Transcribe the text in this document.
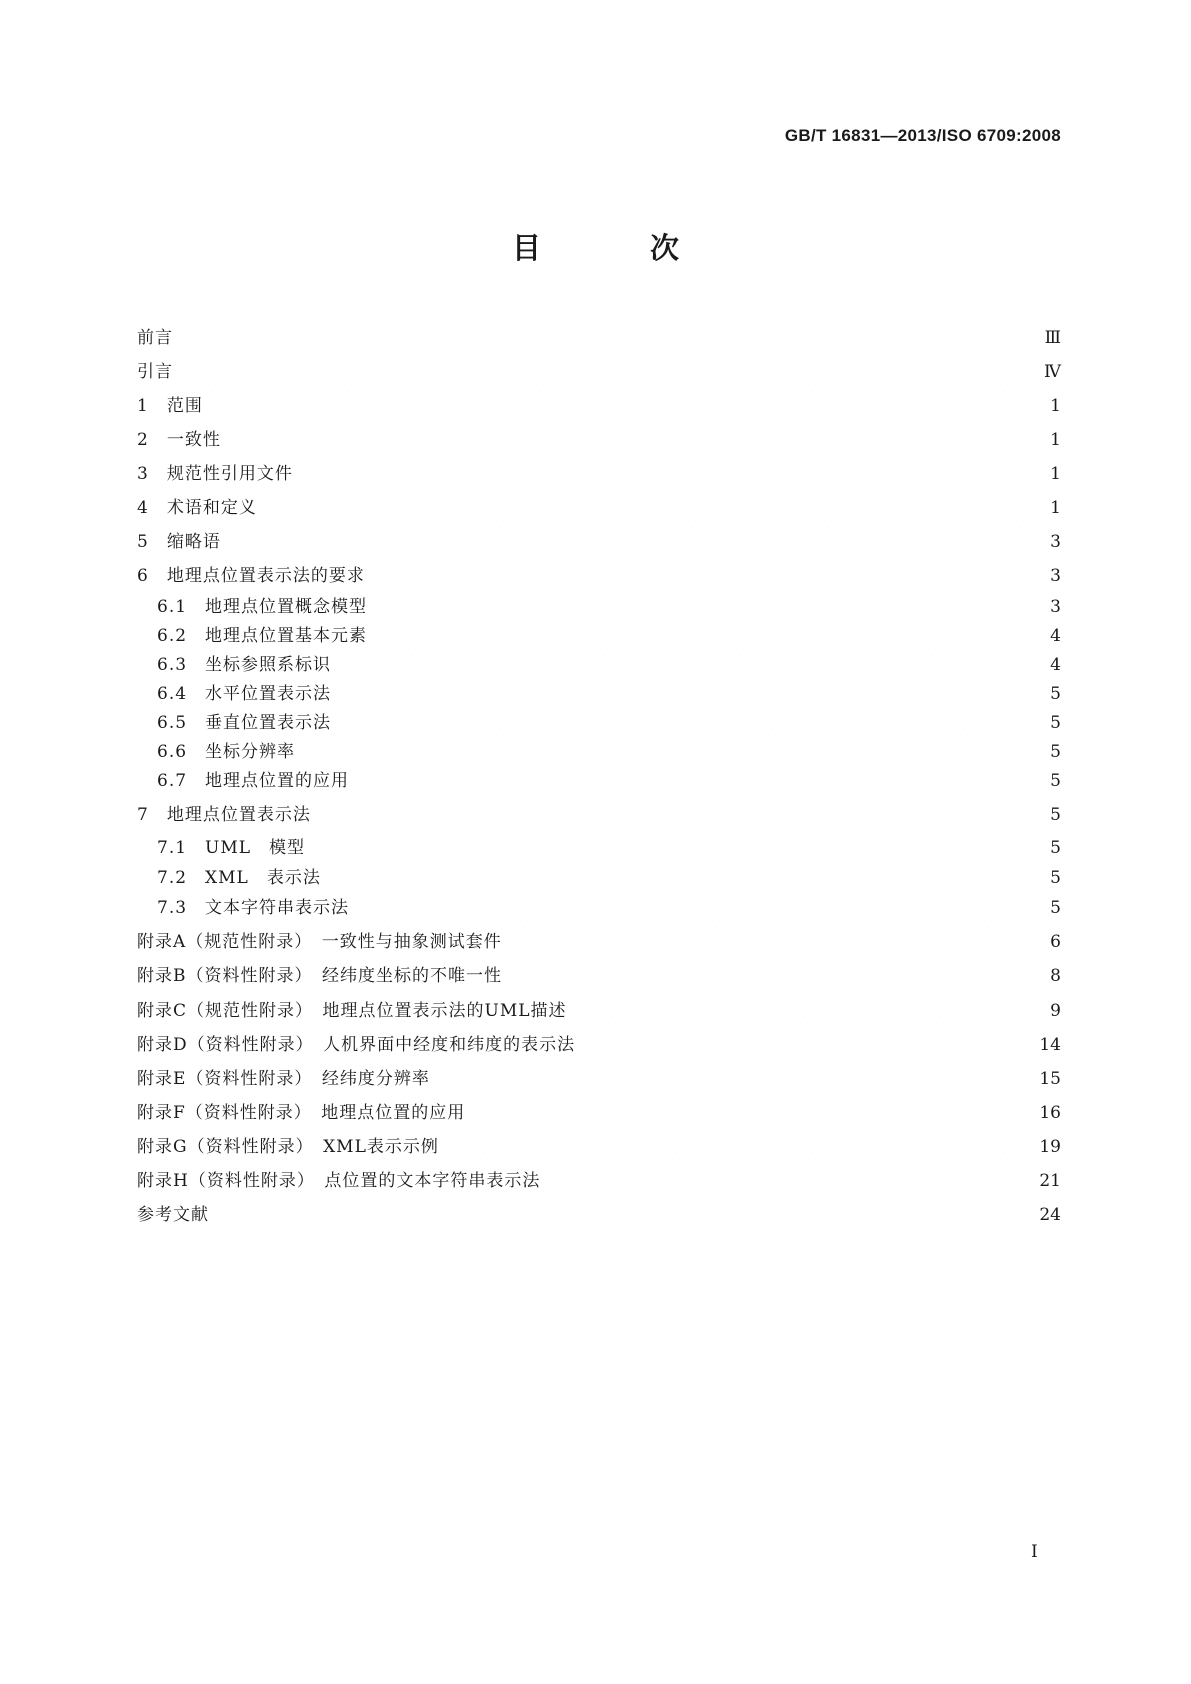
GB/T 16831—2013/ISO 6709:2008
目　次
前言	Ⅲ
引言	Ⅳ
1　范围	1
2　一致性	1
3　规范性引用文件	1
4　术语和定义	1
5　缩略语	3
6　地理点位置表示法的要求	3
6.1　地理点位置概念模型	3
6.2　地理点位置基本元素	4
6.3　坐标参照系标识	4
6.4　水平位置表示法	5
6.5　垂直位置表示法	5
6.6　坐标分辨率	5
6.7　地理点位置的应用	5
7　地理点位置表示法	5
7.1　UML　模型	5
7.2　XML　表示法	5
7.3　文本字符串表示法	5
附录A（规范性附录）　一致性与抽象测试套件	6
附录B（资料性附录）　经纬度坐标的不唯一性	8
附录C（规范性附录）　地理点位置表示法的UML描述	9
附录D（资料性附录）　人机界面中经度和纬度的表示法	14
附录E（资料性附录）　经纬度分辨率	15
附录F（资料性附录）　地理点位置的应用	16
附录G（资料性附录）　XML表示示例	19
附录H（资料性附录）　点位置的文本字符串表示法	21
参考文献	24
Ⅰ
